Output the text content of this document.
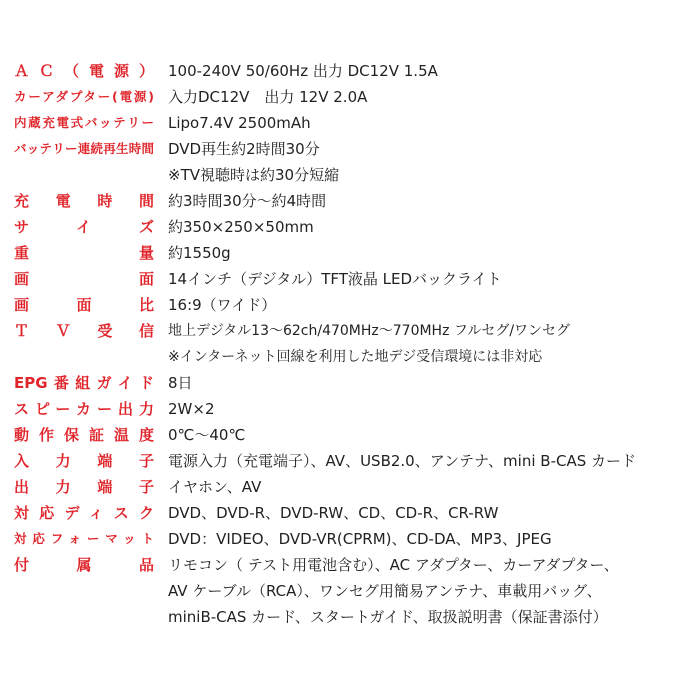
ＡＣ（電源） 100-240V 50/60Hz 出力 DC12V 1.5A
カーアダプター(電源) 入力DC12V　出力 12V 2.0A
内蔵充電式バッテリー Lipo7.4V 2500mAh
バッテリー連続再生時間 DVD再生約2時間30分
※TV視聴時は約30分短縮
充電時間 約3時間30分〜約4時間
サイズ 約350×250×50mm
重量 約1550g
画面 14インチ（デジタル）TFT液晶 LEDバックライト
画面比 16:9（ワイド）
ＴＶ受信 地上デジタル13〜62ch/470MHz〜770MHz フルセグ/ワンセグ
※インターネット回線を利用した地デジ受信環境には非対応
EPG番組ガイド 8日
スピーカー出力 2W×2
動作保証温度 0℃〜40℃
入力端子 電源入力（充電端子）、AV、USB2.0、アンテナ、mini B-CAS カード
出力端子 イヤホン、AV
対応ディスク DVD、DVD-R、DVD-RW、CD、CD-R、CR-RW
対応フォーマット DVD：VIDEO、DVD-VR(CPRM)、CD-DA、MP3、JPEG
付属品 リモコン（ テスト用電池含む）、AC アダプター、カーアダプター、
AV ケーブル（RCA）、ワンセグ用簡易アンテナ、車載用バッグ、
miniB-CAS カード、スタートガイド、取扱説明書（保証書添付）
